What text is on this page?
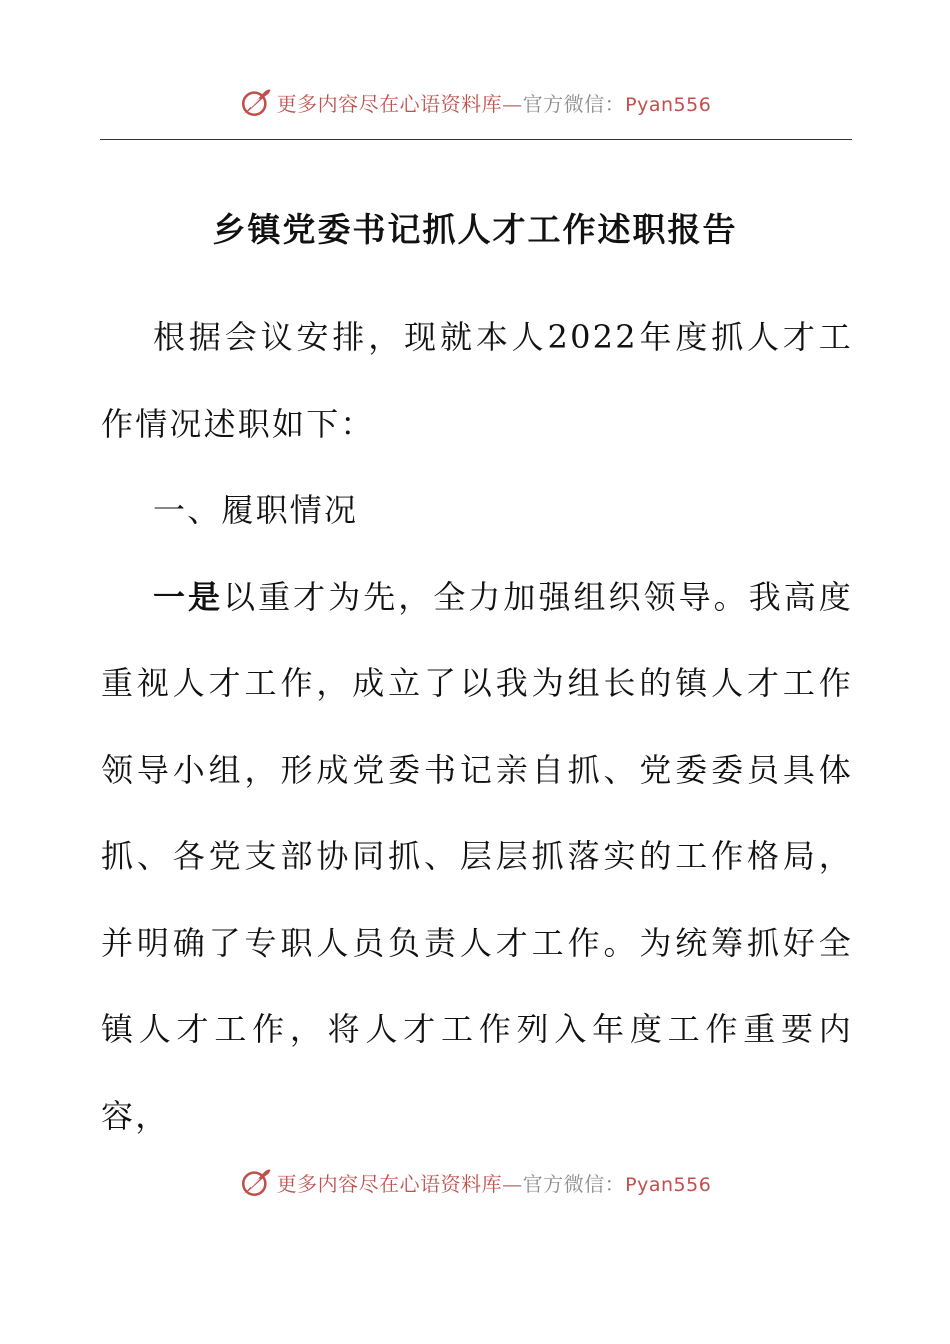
更多内容尽在心语资料库—官方微信：Pyan556
乡镇党委书记抓人才工作述职报告

根据会议安排，现就本人2022年度抓人才工作情况述职如下：

一、履职情况

一是以重才为先，全力加强组织领导。我高度重视人才工作，成立了以我为组长的镇人才工作领导小组，形成党委书记亲自抓、党委委员具体抓、各党支部协同抓、层层抓落实的工作格局，并明确了专职人员负责人才工作。为统筹抓好全镇人才工作，将人才工作列入年度工作重要内容，

更多内容尽在心语资料库—官方微信：Pyan556
